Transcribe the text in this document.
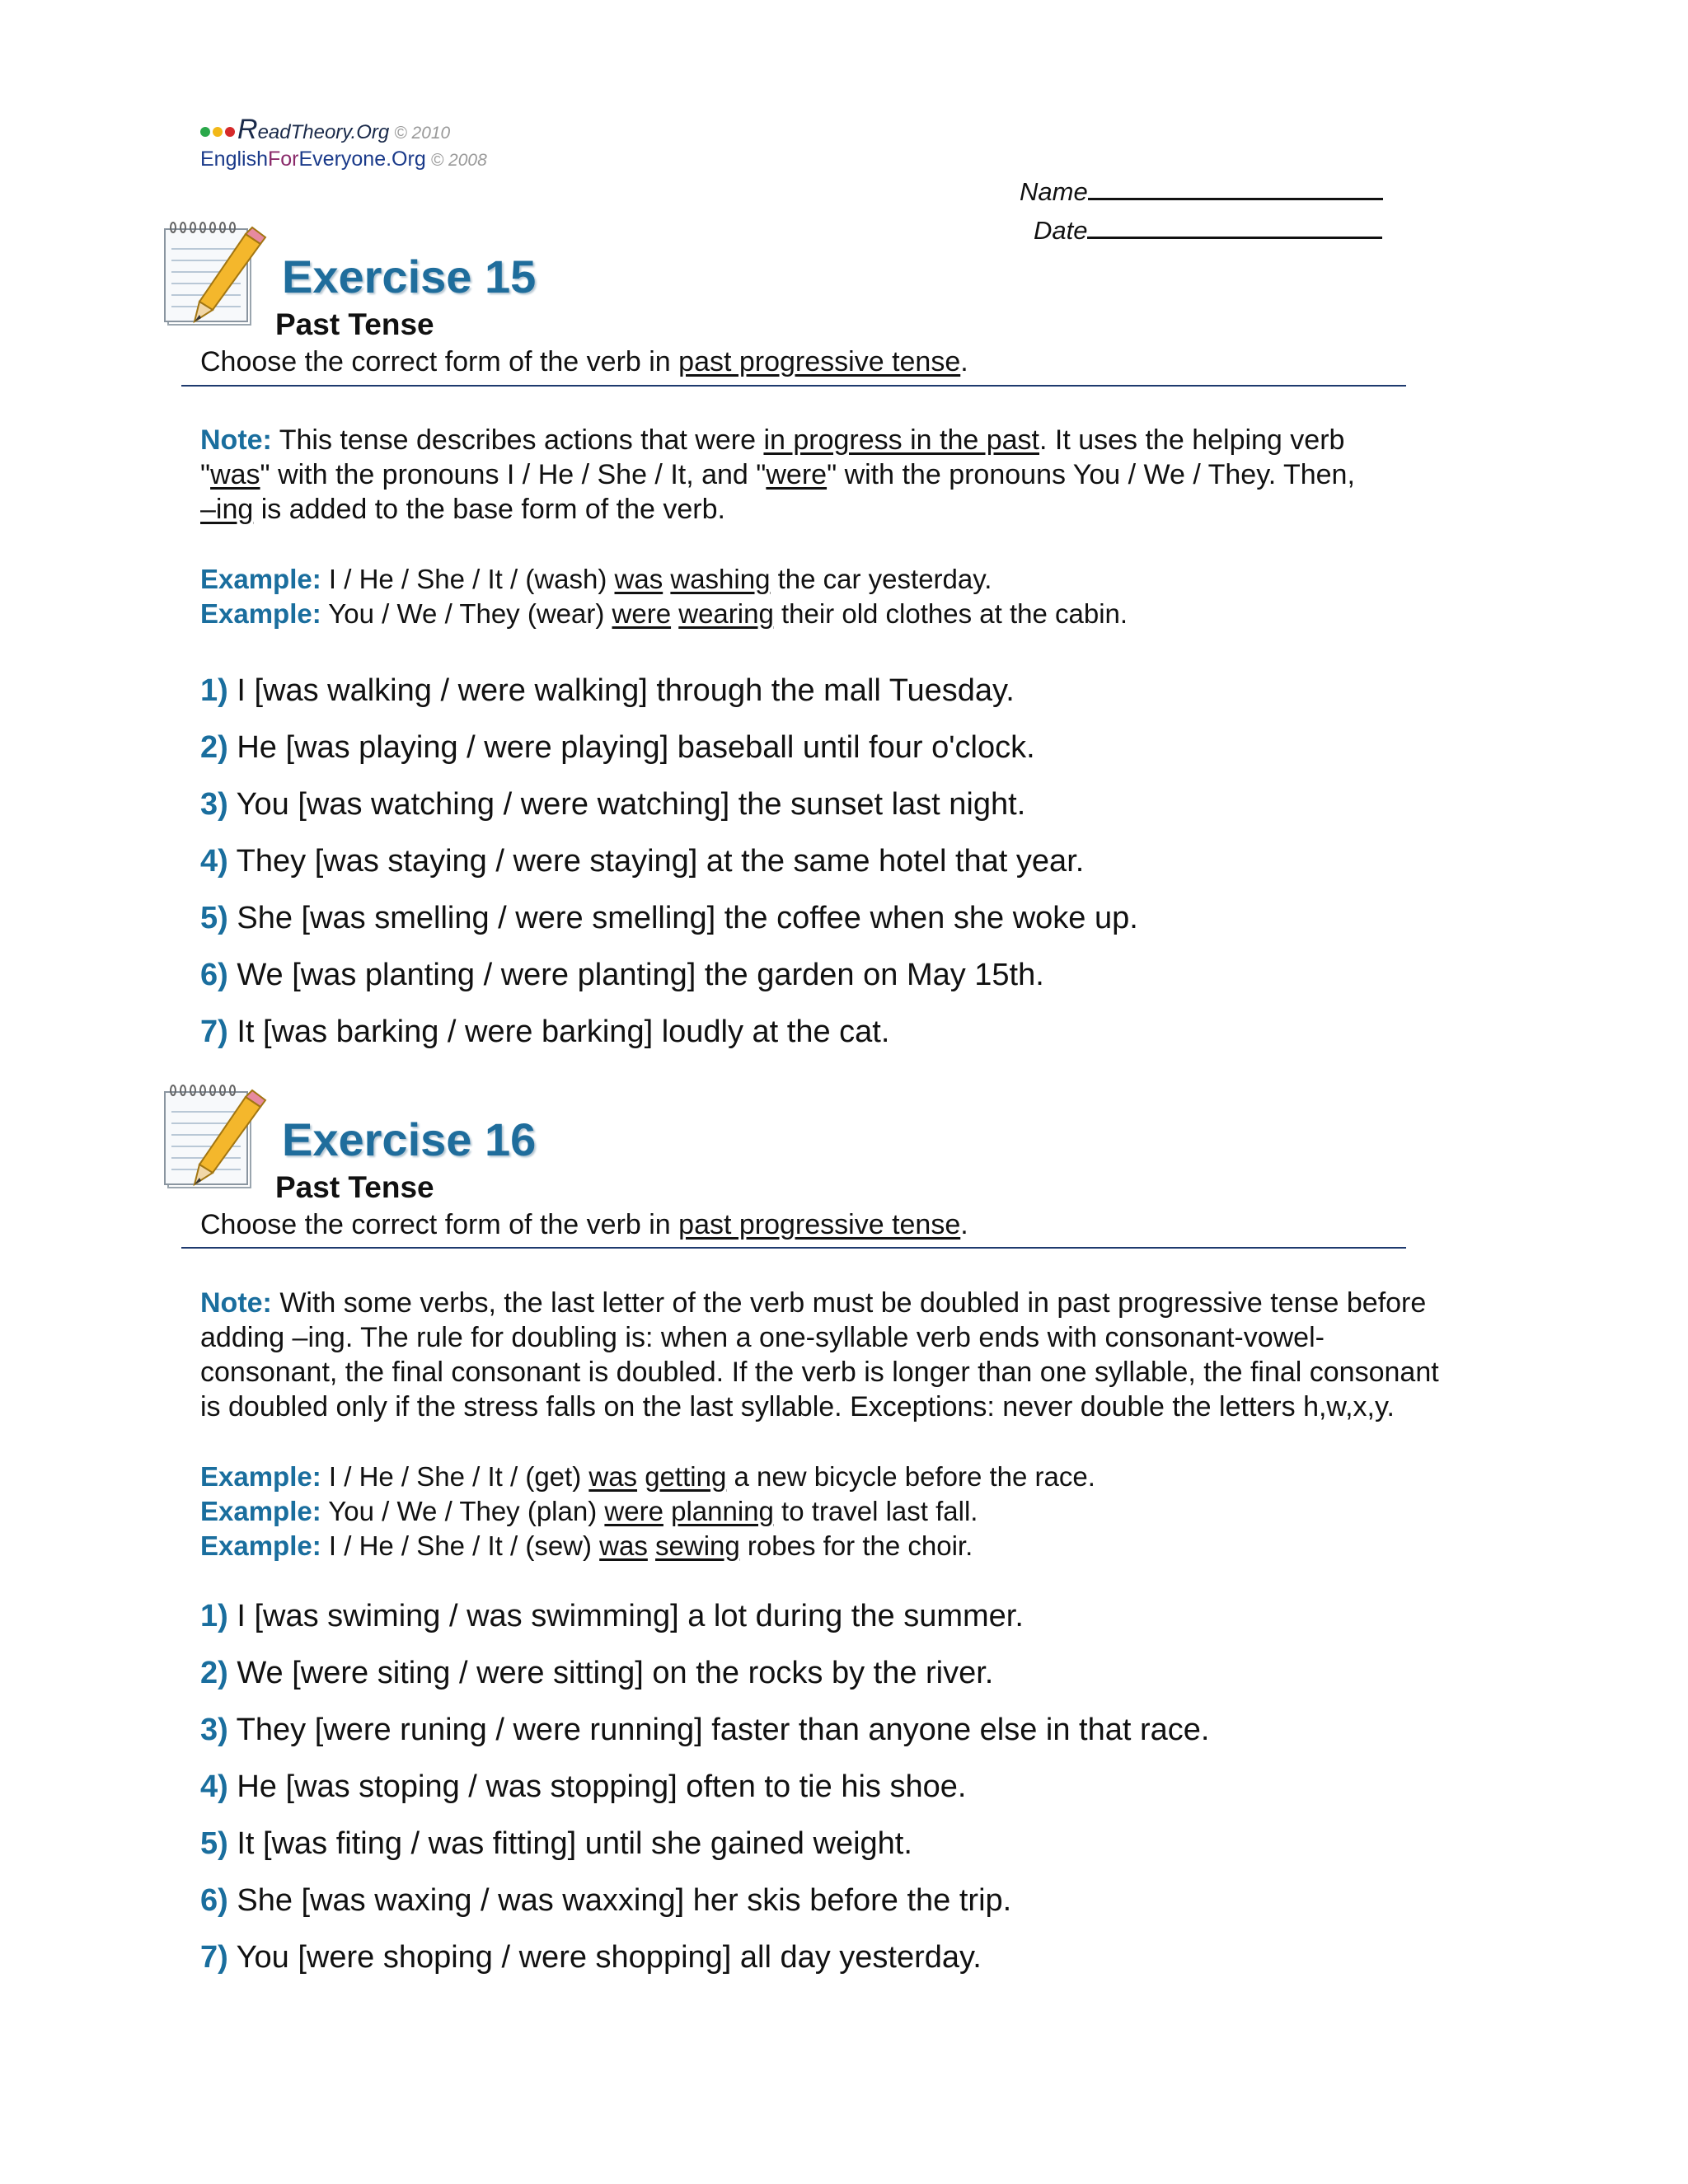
ReadTheory.Org © 2010
EnglishForEveryone.Org © 2008
Name
Date
Exercise 15
Past Tense
Choose the correct form of the verb in past progressive tense.
Note: This tense describes actions that were in progress in the past. It uses the helping verb
"was" with the pronouns I / He / She / It, and "were" with the pronouns You / We / They. Then,
–ing is added to the base form of the verb.
Example: I / He / She / It / (wash) was washing the car yesterday.
Example: You / We / They (wear) were wearing their old clothes at the cabin.
1) I [was walking / were walking] through the mall Tuesday.
2) He [was playing / were playing] baseball until four o'clock.
3) You [was watching / were watching] the sunset last night.
4) They [was staying / were staying] at the same hotel that year.
5) She [was smelling / were smelling] the coffee when she woke up.
6) We [was planting / were planting] the garden on May 15th.
7) It [was barking / were barking] loudly at the cat.
Exercise 16
Past Tense
Choose the correct form of the verb in past progressive tense.
Note: With some verbs, the last letter of the verb must be doubled in past progressive tense before
adding –ing. The rule for doubling is: when a one-syllable verb ends with consonant-vowel-
consonant, the final consonant is doubled. If the verb is longer than one syllable, the final consonant
is doubled only if the stress falls on the last syllable. Exceptions: never double the letters h,w,x,y.
Example: I / He / She / It / (get) was getting a new bicycle before the race.
Example: You / We / They (plan) were planning to travel last fall.
Example: I / He / She / It / (sew) was sewing robes for the choir.
1) I [was swiming / was swimming] a lot during the summer.
2) We [were siting / were sitting] on the rocks by the river.
3) They [were runing / were running] faster than anyone else in that race.
4) He [was stoping / was stopping] often to tie his shoe.
5) It [was fiting / was fitting] until she gained weight.
6) She [was waxing / was waxxing] her skis before the trip.
7) You [were shoping / were shopping] all day yesterday.
